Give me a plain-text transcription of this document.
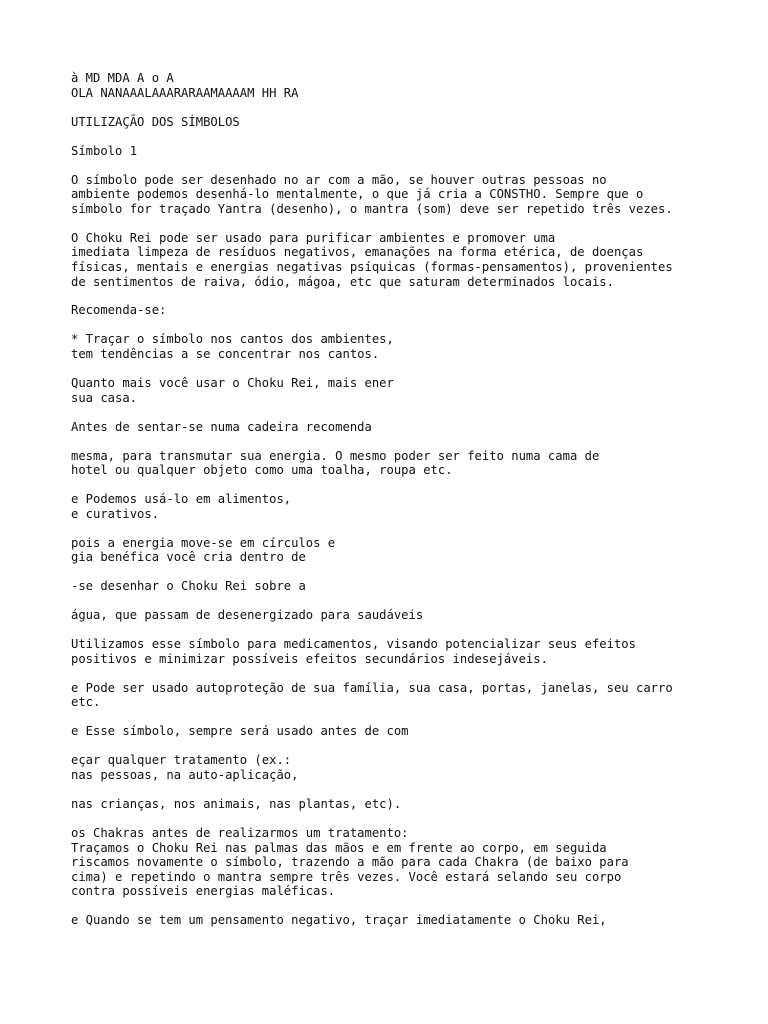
à MD MDA A o A
OLA NANAAALAAARARAAMAAAAM HH RA
UTILIZAÇÃO DOS SÍMBOLOS
Símbolo 1
O símbolo pode ser desenhado no ar com a mão, se houver outras pessoas no
ambiente podemos desenhá-lo mentalmente, o que já cria a CONSTHO. Sempre que o
símbolo for traçado Yantra (desenho), o mantra (som) deve ser repetido três vezes.
O Choku Rei pode ser usado para purificar ambientes e promover uma
imediata limpeza de resíduos negativos, emanações na forma etérica, de doenças
físicas, mentais e energias negativas psíquicas (formas-pensamentos), provenientes
de sentimentos de raiva, ódio, mágoa, etc que saturam determinados locais.
Recomenda-se:
* Traçar o símbolo nos cantos dos ambientes,
tem tendências a se concentrar nos cantos.
Quanto mais você usar o Choku Rei, mais ener
sua casa.
Antes de sentar-se numa cadeira recomenda
mesma, para transmutar sua energia. O mesmo poder ser feito numa cama de
hotel ou qualquer objeto como uma toalha, roupa etc.
e Podemos usá-lo em alimentos,
e curativos.
pois a energia move-se em círculos e
gia benéfica você cria dentro de
-se desenhar o Choku Rei sobre a
água, que passam de desenergizado para saudáveis
Utilizamos esse símbolo para medicamentos, visando potencializar seus efeitos
positivos e minimizar possíveis efeitos secundários indesejáveis.
e Pode ser usado autoproteção de sua família, sua casa, portas, janelas, seu carro
etc.
e Esse símbolo, sempre será usado antes de com
eçar qualquer tratamento (ex.:
nas pessoas, na auto-aplicação,
nas crianças, nos animais, nas plantas, etc).
os Chakras antes de realizarmos um tratamento:
Traçamos o Choku Rei nas palmas das mãos e em frente ao corpo, em seguida
riscamos novamente o símbolo, trazendo a mão para cada Chakra (de baixo para
cima) e repetindo o mantra sempre três vezes. Você estará selando seu corpo
contra possíveis energias maléficas.
e Quando se tem um pensamento negativo, traçar imediatamente o Choku Rei,
